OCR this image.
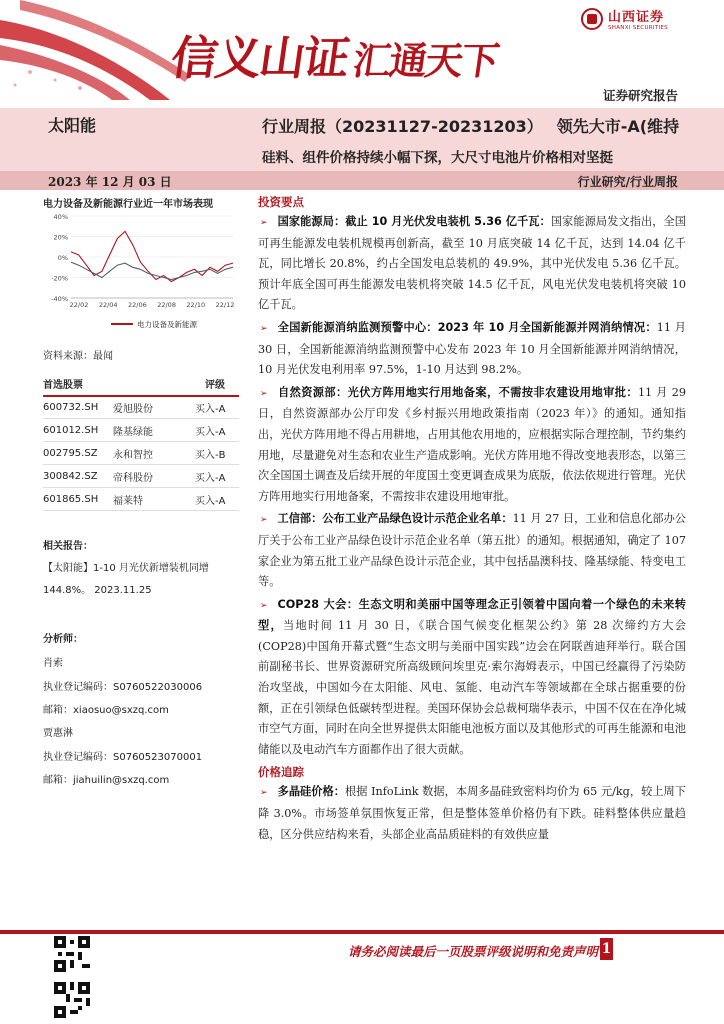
信义山证汇通天下
山西证券
SHANXI SECURITIES
证券研究报告
太阳能	行业周报（20231127-20231203） 领先大市-A(维持
硅料、组件价格持续小幅下探，大尺寸电池片价格相对坚挺
2023 年 12 月 03 日	行业研究/行业周报
电力设备及新能源行业近一年市场表现
40%
20%
0%
-20%
-40%
22/02 22/04 22/06 22/08 22/10 22/12
电力设备及新能源
资料来源：最闻
首选股票	评级
600732.SH	爱旭股份	买入-A
601012.SH	隆基绿能	买入-A
002795.SZ	永和智控	买入-B
300842.SZ	帝科股份	买入-A
601865.SH	福莱特	买入-A
相关报告：
【太阳能】1-10 月光伏新增装机同增 144.8%。 2023.11.25
分析师：
肖索
执业登记编码：S0760522030006
邮箱：xiaosuo@sxzq.com
贾惠淋
执业登记编码：S0760523070001
邮箱：jiahuilin@sxzq.com
投资要点
➢ 国家能源局：截止 10 月光伏发电装机 5.36 亿千瓦：国家能源局发文指出，全国可再生能源发电装机规模再创新高，截至 10 月底突破 14 亿千瓦，达到 14.04 亿千瓦，同比增长 20.8%，约占全国发电总装机的 49.9%，其中光伏发电 5.36 亿千瓦。预计年底全国可再生能源发电装机将突破 14.5 亿千瓦，风电光伏发电装机将突破 10 亿千瓦。
➢ 全国新能源消纳监测预警中心：2023 年 10 月全国新能源并网消纳情况：11 月 30 日，全国新能源消纳监测预警中心发布 2023 年 10 月全国新能源并网消纳情况，10 月光伏发电利用率 97.5%，1-10 月达到 98.2%。
➢ 自然资源部：光伏方阵用地实行用地备案，不需按非农建设用地审批：11 月 29 日，自然资源部办公厅印发《乡村振兴用地政策指南（2023 年）》的通知。通知指出，光伏方阵用地不得占用耕地，占用其他农用地的，应根据实际合理控制，节约集约用地，尽量避免对生态和农业生产造成影响。光伏方阵用地不得改变地表形态，以第三次全国国土调查及后续开展的年度国土变更调查成果为底版，依法依规进行管理。光伏方阵用地实行用地备案，不需按非农建设用地审批。
➢ 工信部：公布工业产品绿色设计示范企业名单：11 月 27 日，工业和信息化部办公厅关于公布工业产品绿色设计示范企业名单（第五批）的通知。根据通知，确定了 107 家企业为第五批工业产品绿色设计示范企业，其中包括晶澳科技、隆基绿能、特变电工等。
➢ COP28 大会：生态文明和美丽中国等理念正引领着中国向着一个绿色的未来转型，当地时间 11 月 30 日，《联合国气候变化框架公约》第 28 次缔约方大会(COP28)中国角开幕式暨“生态文明与美丽中国实践”边会在阿联酋迪拜举行。联合国前副秘书长、世界资源研究所高级顾问埃里克·索尔海姆表示，中国已经赢得了污染防治攻坚战，中国如今在太阳能、风电、氢能、电动汽车等领域都在全球占据重要的份额，正在引领绿色低碳转型进程。美国环保协会总裁柯瑞华表示，中国不仅在在净化城市空气方面，同时在向全世界提供太阳能电池板方面以及其他形式的可再生能源和电池储能以及电动汽车方面都作出了很大贡献。
价格追踪
➢ 多晶硅价格：根据 InfoLink 数据，本周多晶硅致密料均价为 65 元/kg，较上周下降 3.0%。市场签单氛围恢复正常，但是整体签单价格仍有下跌。硅料整体供应量趋稳，区分供应结构来看，头部企业高品质硅料的有效供应量
请务必阅读最后一页股票评级说明和免责声明 1
